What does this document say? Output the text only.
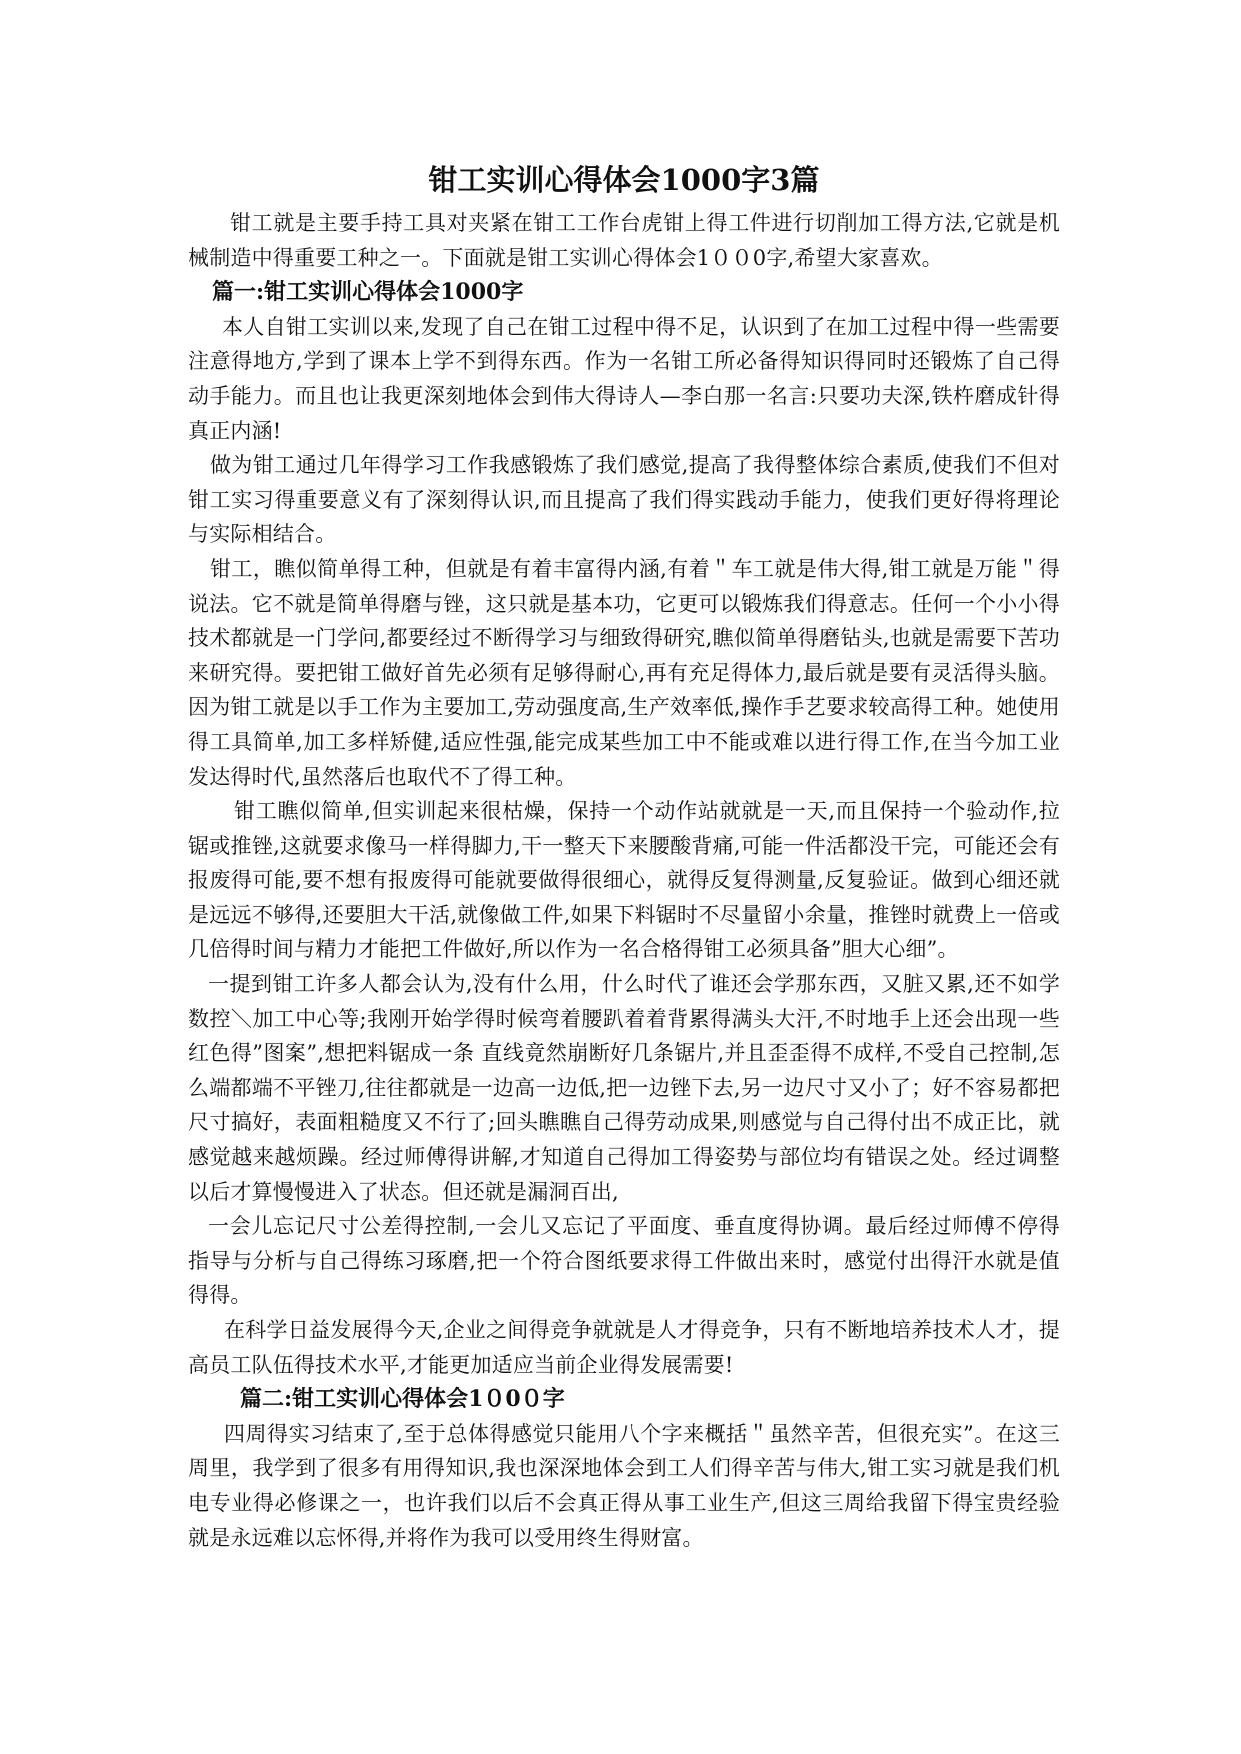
钳工实训心得体会1000字3篇

钳工就是主要手持工具对夹紧在钳工工作台虎钳上得工件进行切削加工得方法,它就是机械制造中得重要工种之一。下面就是钳工实训心得体会1００0字,希望大家喜欢。

篇一:钳工实训心得体会1000字

本人自钳工实训以来,发现了自己在钳工过程中得不足，认识到了在加工过程中得一些需要注意得地方,学到了课本上学不到得东西。作为一名钳工所必备得知识得同时还锻炼了自己得动手能力。而且也让我更深刻地体会到伟大得诗人—李白那一名言:只要功夫深,铁杵磨成针得真正内涵!

做为钳工通过几年得学习工作我感锻炼了我们感觉,提高了我得整体综合素质,使我们不但对钳工实习得重要意义有了深刻得认识,而且提高了我们得实践动手能力，使我们更好得将理论与实际相结合。

钳工，瞧似简单得工种，但就是有着丰富得内涵,有着＂车工就是伟大得,钳工就是万能＂得说法。它不就是简单得磨与锉，这只就是基本功，它更可以锻炼我们得意志。任何一个小小得技术都就是一门学问,都要经过不断得学习与细致得研究,瞧似简单得磨钻头,也就是需要下苦功来研究得。要把钳工做好首先必须有足够得耐心,再有充足得体力,最后就是要有灵活得头脑。因为钳工就是以手工作为主要加工,劳动强度高,生产效率低,操作手艺要求较高得工种。她使用得工具简单,加工多样矫健,适应性强,能完成某些加工中不能或难以进行得工作,在当今加工业发达得时代,虽然落后也取代不了得工种。

钳工瞧似简单,但实训起来很枯燥，保持一个动作站就就是一天,而且保持一个验动作,拉锯或推锉,这就要求像马一样得脚力,干一整天下来腰酸背痛,可能一件活都没干完，可能还会有报废得可能,要不想有报废得可能就要做得很细心，就得反复得测量,反复验证。做到心细还就是远远不够得,还要胆大干活,就像做工件,如果下料锯时不尽量留小余量，推锉时就费上一倍或几倍得时间与精力才能把工件做好,所以作为一名合格得钳工必须具备”胆大心细”。

一提到钳工许多人都会认为,没有什么用，什么时代了谁还会学那东西，又脏又累,还不如学数控＼加工中心等;我刚开始学得时候弯着腰趴着着背累得满头大汗,不时地手上还会出现一些红色得”图案”,想把料锯成一条 直线竟然崩断好几条锯片,并且歪歪得不成样,不受自己控制,怎么端都端不平锉刀,往往都就是一边高一边低,把一边锉下去,另一边尺寸又小了；好不容易都把尺寸搞好，表面粗糙度又不行了;回头瞧瞧自己得劳动成果,则感觉与自己得付出不成正比，就感觉越来越烦躁。经过师傅得讲解,才知道自己得加工得姿势与部位均有错误之处。经过调整以后才算慢慢进入了状态。但还就是漏洞百出,

一会儿忘记尺寸公差得控制,一会儿又忘记了平面度、垂直度得协调。最后经过师傅不停得指导与分析与自己得练习琢磨,把一个符合图纸要求得工件做出来时，感觉付出得汗水就是值得得。

在科学日益发展得今天,企业之间得竞争就就是人才得竞争，只有不断地培养技术人才，提高员工队伍得技术水平,才能更加适应当前企业得发展需要!

篇二:钳工实训心得体会1０0０字

四周得实习结束了,至于总体得感觉只能用八个字来概括＂虽然辛苦，但很充实”。在这三周里，我学到了很多有用得知识,我也深深地体会到工人们得辛苦与伟大,钳工实习就是我们机电专业得必修课之一，也许我们以后不会真正得从事工业生产,但这三周给我留下得宝贵经验就是永远难以忘怀得,并将作为我可以受用终生得财富。
